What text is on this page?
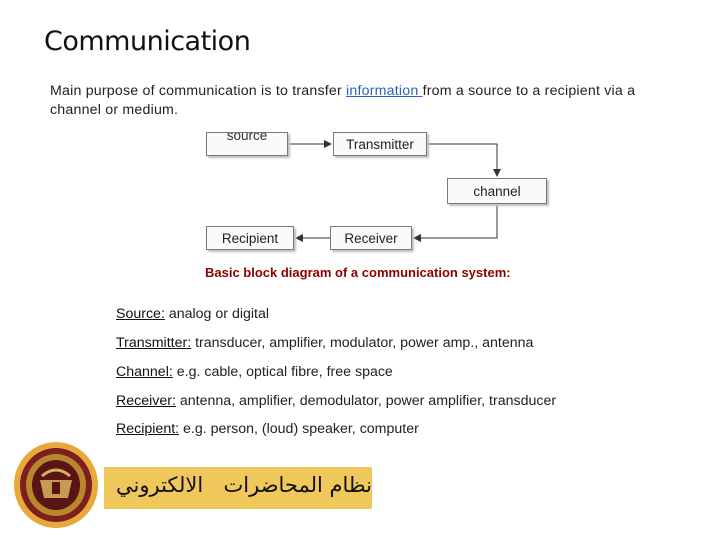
Communication
Main purpose of communication is to transfer information from a source to a recipient via a channel or medium.
source
Transmitter
channel
Receiver
Recipient
Basic block diagram of a communication system:
Source: analog or digital
Transmitter: transducer, amplifier, modulator, power amp., antenna
Channel: e.g. cable, optical fibre, free space
Receiver: antenna, amplifier, demodulator, power amplifier, transducer
Recipient: e.g. person, (loud) speaker, computer
نظام المحاضرات
الالكتروني
